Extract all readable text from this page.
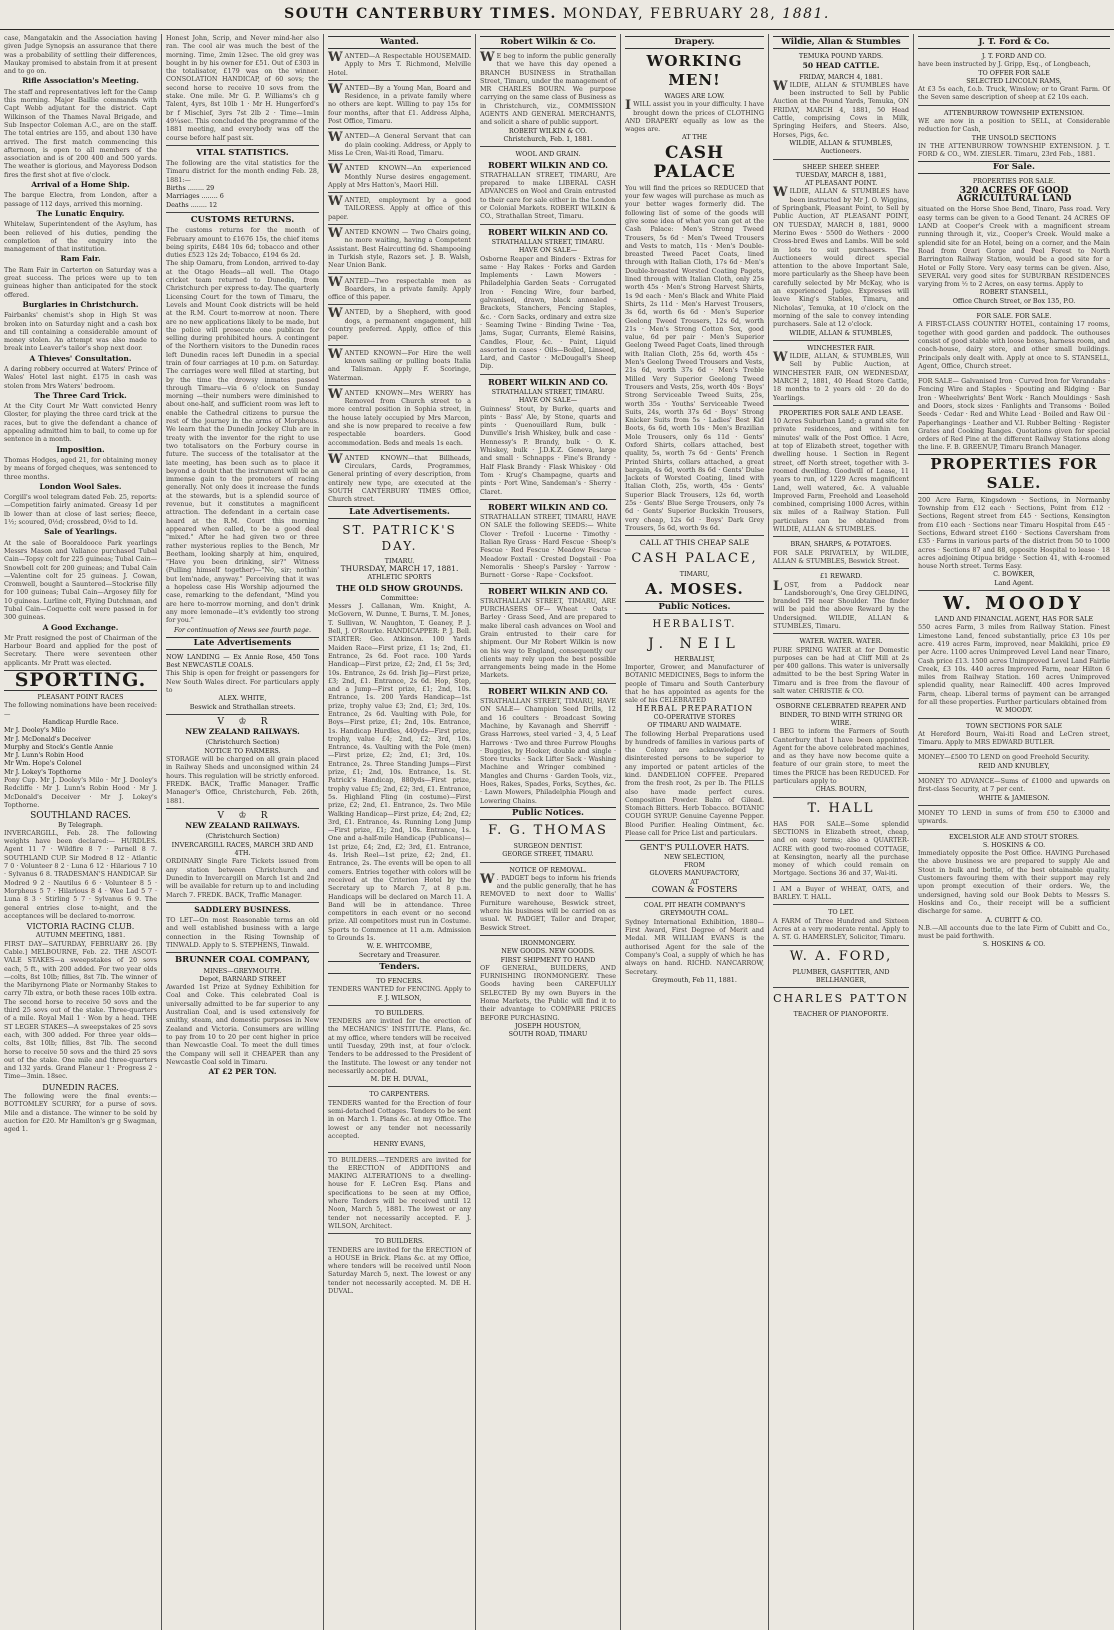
SOUTH CANTERBURY TIMES. MONDAY, FEBRUARY 28, 1881.
case, Mangatakin and the Association having given Judge Synopsis an assurance that there was a probability of settling their differences, Maukay promised to abstain from it at present and to go on.
Rifle Association's Meeting.
The staff and representatives left for the Camp this morning. Major Baillie commands with Capt Webb adjutant for the district. Capt Wilkinson of the Thames Naval Brigade, and Sub Inspector Coleman A.C., are on the staff. The total entries are 155, and about 130 have arrived. The first match commencing this afternoon, is open to all members of the association and is of 200 400 and 500 yards. The weather is glorious, and Mayoress Dodson fires the first shot at five o'clock.
Arrival of a Home Ship.
The barque Electra, from London, after a passage of 112 days, arrived this morning.
The Lunatic Enquiry.
Whitelaw, Superintendent of the Asylum, has been relieved of his duties, pending the completion of the enquiry into the management of that institution.
Ram Fair.
The Ram Fair in Carterton on Saturday was a great success. The prices were up to ten guineas higher than anticipated for the stock offered.
Burglaries in Christchurch.
Fairbanks' chemist's shop in High St was broken into on Saturday night and a cash box and till containing a considerable amount of money stolen. An attempt was also made to break into Leaver's tailor's shop next door.
A Thieves' Consultation.
A daring robbery occurred at Waters' Prince of Wales' Hotel last night. £175 in cash was stolen from Mrs Waters' bedroom.
The Three Card Trick.
At the City Court Mr Watt convicted Henry Gloster, for playing the three card trick at the races, but to give the defendant a chance of appealing admitted him to bail, to come up for sentence in a month.
Imposition.
Thomas Hodges, aged 21, for obtaining money by means of forged cheques, was sentenced to three months.
London Wool Sales.
Corgill's wool telegram dated Feb. 25, reports:—Competition fairly animated. Greasy 1d per lb lower than at close of last series; fleece, 1½; scoured, 0½d; crossbred, 0½d to 1d.
Sale of Yearlings.
At the sale of Booraldooce Park yearlings Messrs Mason and Vallance purchased Tubal Cain—Topsy colt for 225 guineas; Tubal Cain—Snowbell colt for 200 guineas; and Tubal Cain—Valentine colt for 25 guineas. J. Cowan, Cromwell, bought a Sauntered—Stockrise filly for 100 guineas; Tubal Cain—Argosey filly for 10 guineas. Lurline colt, Flying Dutchman, and Tubal Cain—Coquette colt were passed in for 300 guineas.
A Good Exchange.
Mr Pratt resigned the post of Chairman of the Harbour Board and applied for the post of Secretary. There were seventeen other applicants. Mr Pratt was elected.
SPORTING.
PLEASANT POINT RACES
The following nominations have been received:—
Handicap Hurdle Race.
Mr J. Dooley's Milo
Mr J. McDonald's Deceiver
Murphy and Stock's Gentle Annie
Mr J. Lunn's Robin Hood
Mr Wm. Hope's Colonel
Mr J. Lokey's Topthorne
Pony Cup. Mr J. Dooley's Milo · Mr J. Dooley's Redcliffe · Mr J. Lunn's Robin Hood · Mr J. McDonald's Deceiver · Mr J. Lokey's Topthorne.
SOUTHLAND RACES.
By Telegraph.
INVERCARGILL, Feb. 28. The following weights have been declared:— HURDLES. Agent 11 7 · Wildfire 8 7 · Parnell 8 7. SOUTHLAND CUP. Sir Modred 8 12 · Atlantic 7 0 · Volunteer 8 2 · Luna 6 12 · Hilarious 7 10 · Sylvanus 6 8. TRADESMAN'S HANDICAP. Sir Modred 9 2 · Nautilus 6 6 · Volunteer 8 5 · Morpheus 5 7 · Hilarious 8 4 · Wee Lad 5 7 · Luna 8 3 · Stirling 5 7 · Sylvanus 6 9. The general entries close to-night, and the acceptances will be declared to-morrow.
VICTORIA RACING CLUB.
AUTUMN MEETING, 1881.
FIRST DAY—SATURDAY, FEBRUARY 26. [By Cable.] MELBOURNE, Feb. 22. THE ASCOT-VALE STAKES—a sweepstakes of 20 sovs each, 5 ft., with 200 added. For two year olds—colts, 8st 10lb; fillies, 8st 7lb. The winner of the Maribyrnong Plate or Normanby Stakes to carry 7lb extra, or both these races 10lb extra. The second horse to receive 50 sovs and the third 25 sovs out of the stake. Three-quarters of a mile. Royal Mail 1 · Won by a head. THE ST LEGER STAKES—A sweepstakes of 25 sovs each, with 300 added. For three year olds—colts, 8st 10lb; fillies, 8st 7lb. The second horse to receive 50 sovs and the third 25 sovs out of the stake. One mile and three-quarters and 132 yards. Grand Flaneur 1 · Progress 2 · Time—3min. 18sec.
DUNEDIN RACES.
The following were the final events:— BOTTOMLEY SCURRY, for a purse of sovs. Mile and a distance. The winner to be sold by auction for £20. Mr Hamilton's gr g Swagman, aged 1.
Honest John, Scrip, and Never mind-her also ran. The cool air was much the best of the morning. Time, 2min 12sec. The old grey was bought in by his owner for £51. Out of £303 in the totalisator, £179 was on the winner. CONSOLATION HANDICAP, of 60 sovs; the second horse to receive 10 sovs from the stake. One mile. Mr G. P. Williams's ch g Talent, 4yrs, 8st 10lb 1 · Mr H. Hungerford's br f Mischief, 3yrs 7st 2lb 2 · Time—1min 49¼sec. This concluded the programme of the 1881 meeting, and everybody was off the course before half past six.
VITAL STATISTICS.
The following are the vital statistics for the Timaru district for the month ending Feb. 28, 1881:—
Births ........ 29
Marriages ........ 6
Deaths ........ 12
CUSTOMS RETURNS.
The customs returns for the month of February amount to £1676 15s, the chief items being spirits, £484 10s 6d; tobacco and other duties £523 12s 2d; Tobacco, £194 6s 2d.
The ship Oamaru, from London, arrived to-day at the Otago Heads—all well. The Otago cricket team returned to Dunedin, from Christchurch per express to-day. The quarterly Licensing Court for the town of Timaru, the Levels and Mount Cook districts will be held at the R.M. Court to-morrow at noon. There are no new applications likely to be made, but the police will prosecute one publican for selling during prohibited hours. A contingent of the Northern visitors to the Dunedin races left Dunedin races left Dunedin in a special train of four carriages at 10 p.m. on Saturday. The carriages were well filled at starting, but by the time the drowsy inmates passed through Timaru—via 6 o'clock on Sunday morning —their numbers were diminished to about one-half, and sufficient room was left to enable the Cathedral citizens to pursue the rest of the journey in the arms of Morpheus. We learn that the Dunedin Jockey Club are in treaty with the inventor for the right to use two totalisators on the Forbury course in future. The success of the totalisator at the late meeting, has been such as to place it beyond a doubt that the instrument will be an immense gain to the promoters of racing generally. Not only does it increase the funds at the stewards, but is a splendid source of revenue, but it constitutes a magnificent attraction. The defendant in a certain case heard at the R.M. Court this morning appeared when called, to be a good deal "mixed." After he had given two or three rather mysterious replies to the Bench, Mr Beetham, looking sharply at him, enquired, "Have you been drinking, sir?" Witness (Pulling himself together)—"No, sir; nothin' but lem'nade, anyway." Perceiving that it was a hopeless case His Worship adjourned the case, remarking to the defendant, "Mind you are here to-morrow morning, and don't drink any more lemonade—it's evidently too strong for you."
For continuation of News see fourth page.
Late Advertisements
NOW LANDING — Ex Annie Rose, 450 Tons Best NEWCASTLE COALS.
This Ship is open for freight or passengers for New South Wales direct. For particulars apply to
ALEX. WHITE,
Beswick and Strathallan streets.
V     ♔     R
NEW ZEALAND RAILWAYS.
(Christchurch Section)
NOTICE TO FARMERS.
STORAGE will be charged on all grain placed in Railway Sheds and unconsigned within 24 hours. This regulation will be strictly enforced. FREDK. BACK, Traffic Manager. Traffic Manager's Office, Christchurch, Feb. 26th, 1881.
V     ♔     R
NEW ZEALAND RAILWAYS.
(Christchurch Section)
INVERCARGILL RACES, MARCH 3RD AND 4TH.
ORDINARY Single Fare Tickets issued from any station between Christchurch and Dunedin to Invercargill on March 1st and 2nd will be available for return up to and including March 7. FREDK. BACK, Traffic Manager.
SADDLERY BUSINESS.
TO LET—On most Reasonable terms an old and well established business with a large connection in the Rising Township of TINWALD. Apply to S. STEPHENS, Tinwald.
BRUNNER COAL COMPANY,
MINES—GREYMOUTH.
Depot, BARNARD STREET
Awarded 1st Prize at Sydney Exhibition for Coal and Coke. This celebrated Coal is universally admitted to be far superior to any Australian Coal, and is used extensively for smithy, steam, and domestic purposes in New Zealand and Victoria. Consumers are willing to pay from 10 to 20 per cent higher in price than Newcastle Coal. To meet the dull times the Company will sell it CHEAPER than any Newcastle Coal sold in Timaru.
AT £2 PER TON.
Wanted.
WANTED—A Respectable HOUSEMAID. Apply to Mrs T. Richmond, Melville Hotel.
WANTED—By a Young Man, Board and Residence, in a private family where no others are kept. Willing to pay 15s for four months, after that £1. Address Alpha, Post Office, Timaru.
WANTED—A General Servant that can do plain cooking. Address, or Apply to Miss Le Cren, Wai-iti Road, Timaru.
WANTED KNOWN—An experienced Monthly Nurse desires engagement. Apply at Mrs Hatton's, Maori Hill.
WANTED, employment by a good TAILORESS. Apply at office of this paper.
WANTED KNOWN — Two Chairs going, no more waiting, having a Competent Assistant. Best Haircutting 6d. Shampooing in Turkish style, Razors set. J. B. Walsh, Near Union Bank.
WANTED—Two respectable men as Boarders, in a private family. Apply office of this paper.
WANTED, by a Shepherd, with good dogs, a permanent engagement, hill country preferred. Apply, office of this paper.
WANTED KNOWN—For Hire the well known sailing or pulling boats Italia and Talisman. Apply F. Scoringe, Waterman.
WANTED KNOWN—Mrs WERRY has Removed from Church street to a more central position in Sophia street, in the house lately occupied by Mrs Marcon, and she is now prepared to receive a few respectable boarders. Good accommodation. Beds and meals 1s each.
WANTED KNOWN—that Billheads, Circulars, Cards, Programmes, General printing of every description, from entirely new type, are executed at the SOUTH CANTERBURY TIMES Office, Church street.
Late Advertisements.
ST. PATRICK'S DAY.
TIMARU.
THURSDAY, MARCH 17, 1881.
ATHLETIC SPORTS
THE OLD SHOW GROUNDS.
Committee:
Messrs J. Callanan, Wm. Knight, A. McGovern, W. Dunne, T. Burns, T. M. Jones, T. Sullivan, W. Naughton, T. Geaney, P. J. Bell, J. O'Rourke. HANDICAPPER: P. J. Bell. STARTER: Geo. Atkinson. 100 Yards Maiden Race—First prize, £1 1s; 2nd, £1. Entrance, 2s 6d. Foot race. 100 Yards Handicap—First prize, £2; 2nd, £1 5s; 3rd, 10s. Entrance, 2s 6d. Irish Jig—First prize, £3; 2nd, £1. Entrance, 2s 6d. Hop, Step, and a Jump—First prize, £1; 2nd, 10s. Entrance, 1s. 200 Yards Handicap—1st prize, trophy value £3; 2nd, £1; 3rd, 10s. Entrance, 2s 6d. Vaulting with Pole, for Boys—First prize, £1; 2nd, 10s. Entrance, 1s. Handicap Hurdles, 440yds—First prize, trophy, value £4; 2nd, £2; 3rd, 10s. Entrance, 4s. Vaulting with the Pole (men)—First prize, £2; 2nd, £1; 3rd, 10s. Entrance, 2s. Three Standing Jumps—First prize, £1; 2nd, 10s. Entrance, 1s. St. Patrick's Handicap, 880yds—First prize, trophy value £5; 2nd, £2; 3rd, £1. Entrance, 5s. Highland Fling (in costume)—First prize, £2; 2nd, £1. Entrance, 2s. Two Mile Walking Handicap—First prize, £4; 2nd, £2; 3rd, £1. Entrance, 4s. Running Long Jump—First prize, £1; 2nd, 10s. Entrance, 1s. One and a-half-mile Handicap (Publicans)—1st prize, £4; 2nd, £2; 3rd, £1. Entrance, 4s. Irish Reel—1st prize, £2; 2nd, £1. Entrance, 2s. The events will be open to all comers. Entries together with colors will be received at the Criterion Hotel by the Secretary up to March 7, at 8 p.m. Handicaps will be declared on March 11. A Band will be in attendance. Three competitors in each event or no second prize. All competitors must run in Costume. Sports to Commence at 11 a.m. Admission to Grounds 1s.
W. E. WHITCOMBE,
Secretary and Treasurer.
Tenders.
TO FENCERS.
TENDERS WANTED for FENCING. Apply to
F. J. WILSON,
TO BUILDERS.
TENDERS are invited for the erection of the MECHANICS' INSTITUTE. Plans, &c. at my office, where tenders will be received until Tuesday, 29th inst, at four o'clock. Tenders to be addressed to the President of the Institute. The lowest or any tender not necessarily accepted.
M. DE H. DUVAL,
TO CARPENTERS.
TENDERS wanted for the Erection of four semi-detached Cottages. Tenders to be sent in on March 1. Plans &c. at my Office. The lowest or any tender not necessarily accepted.
HENRY EVANS,
TO BUILDERS.—TENDERS are invited for the ERECTION of ADDITIONS and MAKING ALTERATIONS to a dwelling-house for F. LeCren Esq. Plans and specifications to be seen at my Office, where Tenders will be received until 12 Noon, March 5, 1881. The lowest or any tender not necessarily accepted. F. J. WILSON, Architect.
TO BUILDERS.
TENDERS are invited for the ERECTION of a HOUSE in Brick. Plans &c. at my Office, where tenders will be received until Noon Saturday March 5, next. The lowest or any tender not necessarily accepted. M. DE H. DUVAL.
Robert Wilkin & Co.
W E beg to inform the public generally that we have this day opened a BRANCH BUSINESS in Strathallan Street, Timaru, under the management of MR CHARLES BOURN. We purpose carrying on the same class of Business as in Christchurch, viz., COMMISSION AGENTS AND GENERAL MERCHANTS, and solicit a share of public support.
ROBERT WILKIN & CO.
Christchurch, Feb. 1, 1881.
WOOL AND GRAIN.
ROBERT WILKIN AND CO.
STRATHALLAN STREET, TIMARU, Are prepared to make LIBERAL CASH ADVANCES on Wool and Grain entrusted to their care for sale either in the London or Colonial Markets. ROBERT WILKIN & CO., Strathallan Street, Timaru.
ROBERT WILKIN AND CO.
STRATHALLAN STREET, TIMARU.
HAVE ON SALE—
Osborne Reaper and Binders · Extras for same · Hay Rakes · Forks and Garden Implements · Lawn Mowers · Philadelphia Garden Seats · Corrugated Iron · Fencing Wire, four barbed, galvanised, drawn, black annealed · Brackets, Stanchers, Fencing Staples, &c. · Corn Sacks, ordinary and extra size · Seaming Twine · Binding Twine · Tea, Jams, Sugar, Currants, Elemé Raisins, Candles, Flour, &c. · Paint, Liquid assorted in cases · Oils—Boiled, Linseed, Lard, and Castor · McDougall's Sheep Dip.
ROBERT WILKIN AND CO.
STRATHALLAN STREET, TIMARU.
HAVE ON SALE—
Guinness' Stout, by Burke, quarts and pints · Bass' Ale, by Stone, quarts and pints · Quenouillard Rum, bulk · Dunville's Irish Whiskey, bulk and case · Hennessy's P. Brandy, bulk · O. K. Whiskey, bulk · J.D.K.Z. Geneva, large and small · Schnapps · Fine's Brandy · Half Flask Brandy · Flask Whiskey · Old Tom · Krug's Champagne, quarts and pints · Port Wine, Sandeman's · Sherry · Claret.
ROBERT WILKIN AND CO.
STRATHALLAN STREET, TIMARU, HAVE ON SALE the following SEEDS:— White Clover · Trefoil · Lucerne · Timothy · Italian Rye Grass · Hard Fescue · Sheep's Fescue · Red Fescue · Meadow Fescue · Meadow Foxtail · Crested Dogstail · Poa Nemoralis · Sheep's Parsley · Yarrow · Burnett · Gorse · Rape · Cocksfoot.
ROBERT WILKIN AND CO.
STRATHALLAN STREET, TIMARU, ARE PURCHASERS OF— Wheat · Oats · Barley · Grass Seed, And are prepared to make liberal cash advances on Wool and Grain entrusted to their care for shipment. Our Mr Robert Wilkin is now on his way to England, consequently our clients may rely upon the best possible arrangements being made in the Home Markets.
ROBERT WILKIN AND CO.
STRATHALLAN STREET, TIMARU, HAVE ON SALE— Champion Seed Drills, 12 and 16 coulters · Broadcast Sowing Machine, by Kavanagh and Sherriff · Grass Harrows, steel varied · 3, 4, 5 Leaf Harrows · Two and three Furrow Ploughs · Buggies, by Hooker, double and single · Store trucks · Sack Lifter Sack · Washing Machine and Wringer combined · Mangles and Churns · Garden Tools, viz., Hoes, Rakes, Spades, Forks, Scythes, &c. · Lawn Mowers, Philadelphia Plough and Lowering Chains.
Public Notices.
F. G. THOMAS
SURGEON DENTIST.
GEORGE STREET, TIMARU.
NOTICE OF REMOVAL.
W . PADGET begs to inform his friends and the public generally, that he has REMOVED to next door to Wallis' Furniture warehouse, Beswick street, where his business will be carried on as usual. W. PADGET, Tailor and Draper, Beswick Street.
IRONMONGERY.
NEW GOODS. NEW GOODS.
FIRST SHIPMENT TO HAND
OF GENERAL, BUILDERS, AND FURNISHING IRONMONGERY. These Goods having been CAREFULLY SELECTED By my own Buyers in the Home Markets, the Public will find it to their advantage to COMPARE PRICES BEFORE PURCHASING.
JOSEPH HOUSTON,
SOUTH ROAD, TIMARU
Drapery.
WORKING MEN!
WAGES ARE LOW.
I WILL assist you in your difficulty. I have brought down the prices of CLOTHING AND DRAPERY equally as low as the wages are.
AT THE
CASH PALACE
You will find the prices so REDUCED that your few wages will purchase as much as your better wages formerly did. The following list of some of the goods will give some idea of what you can get at the Cash Palace: Men's Strong Tweed Trousers, 5s 6d · Men's Tweed Trousers and Vests to match, 11s · Men's Double-breasted Tweed Pacet Coats, lined through with Italian Cloth, 17s 6d · Men's Double-breasted Worsted Coating Pagets, lined through with Italian Cloth, only 25s worth 45s · Men's Strong Harvest Shirts, 1s 9d each · Men's Black and White Plaid Shirts, 2s 11d · Men's Harvest Trousers, 3s 6d, worth 6s 6d · Men's Superior Geelong Tweed Trousers, 12s 6d, worth 21s · Men's Strong Cotton Sox, good value, 6d per pair · Men's Superior Geelong Tweed Paget Coats, lined through with Italian Cloth, 25s 6d, worth 45s · Men's Geelong Tweed Trousers and Vests, 21s 6d, worth 37s 6d · Men's Treble Milled Very Superior Geelong Tweed Trousers and Vests, 25s, worth 40s · Boys' Strong Serviceable Tweed Suits, 25s, worth 35s · Youths' Serviceable Tweed Suits, 24s, worth 37s 6d · Boys' Strong Knicker Suits from 5s · Ladies' Best Kid Boots, 6s 6d, worth 10s · Men's Brazilian Mole Trousers, only 6s 11d · Gents' Oxford Shirts, collars attached, best quality, 5s, worth 7s 6d · Gents' French Printed Shirts, collars attached, a great bargain, 4s 6d, worth 8s 6d · Gents' Dulse Jackets of Worsted Coating, lined with Italian Cloth, 25s, worth, 45s · Gents' Superior Black Trousers, 12s 6d, worth 25s · Gents' Blue Serge Trousers, only 7s 6d · Gents' Superior Buckskin Trousers, very cheap, 12s 6d · Boys' Dark Grey Trousers, 5s 6d, worth 9s 6d.
CALL AT THIS CHEAP SALE
CASH PALACE,
TIMARU,
A. MOSES.
Public Notices.
HERBALIST.
J. NEIL
HERBALIST,
Importer, Grower, and Manufacturer of BOTANIC MEDICINES, Begs to inform the people of Timaru and South Canterbury that he has appointed as agents for the sale of his CELEBRATED
HERBAL PREPARATION
CO-OPERATIVE STORES
OF TIMARU AND WAIMATE.
The following Herbal Preparations used by hundreds of families in various parts of the Colony are acknowledged by disinterested persons to be superior to any imported or patent articles of the kind. DANDELION COFFEE. Prepared from the fresh root, 2s per lb. The PILLS also have made perfect cures. Composition Powder. Balm of Gilead. Stomach Bitters. Herb Tobacco. BOTANIC COUGH SYRUP. Genuine Cayenne Pepper. Blood Purifier. Healing Ointment, &c. Please call for Price List and particulars.
GENT'S PULLOVER HATS.
NEW SELECTION,
FROM
GLOVERS MANUFACTORY,
AT
COWAN & FOSTERS
COAL PIT HEATH COMPANY'S GREYMOUTH COAL.
Sydney International Exhibition, 1880—First Award, First Degree of Merit and Medal. MR WILLIAM EVANS is the authorised Agent for the sale of the Company's Coal, a supply of which he has always on hand. RICHD. NANCARROW, Secretary.
Greymouth, Feb 11, 1881.
Wildie, Allan & Stumbles
TEMUKA POUND YARDS.
50 HEAD CATTLE.
FRIDAY, MARCH 4, 1881.
WILDIE, ALLAN & STUMBLES have been instructed to Sell by Public Auction at the Pound Yards, Temuka, ON FRIDAY, MARCH 4, 1881, 50 Head Cattle, comprising Cows in Milk, Springing Heifers, and Steers. Also, Horses, Pigs, &c.
WILDIE, ALLAN & STUMBLES,
Auctioneers.
SHEEP. SHEEP. SHEEP.
TUESDAY, MARCH 8, 1881,
AT PLEASANT POINT.
WILDIE, ALLAN & STUMBLES have been instructed by Mr J. O. Wiggins, of Springbank, Pleasant Point, to Sell by Public Auction, AT PLEASANT POINT, ON TUESDAY, MARCH 8, 1881, 9000 Merino Ewes · 5500 do Wethers · 2000 Cross-bred Ewes and Lambs. Will be sold in lots to suit purchasers. The Auctioneers would direct special attention to the above Important Sale, more particularly as the Sheep have been carefully selected by Mr McKay, who is an experienced Judge. Expresses will leave King's Stables, Timaru, and Nicholas', Temuka, at 10 o'clock on the morning of the sale to convey intending purchasers. Sale at 12 o'clock.
WILDIE, ALLAN & STUMBLES,
WINCHESTER FAIR.
WILDIE, ALLAN, & STUMBLES, Will Sell by Public Auction, at WINCHESTER FAIR, ON WEDNESDAY, MARCH 2, 1881, 40 Head Store Cattle, 18 months to 2 years old · 20 do do Yearlings.
PROPERTIES FOR SALE AND LEASE.
10 Acres Suburban Land; a grand site for private residences, and within ten minutes' walk of the Post Office. 1 Acre, at top of Elizabeth street, together with dwelling house. 1 Section in Regent street, off North street, together with 3-roomed dwelling. Goodwill of Lease, 11 years to run, of 1229 Acres magnificent Land, well watered, &c. A valuable Improved Farm, Freehold and Leasehold combined, comprising 1000 Acres, within six miles of a Railway Station. Full particulars can be obtained from WILDIE, ALLAN & STUMBLES.
BRAN, SHARPS, & POTATOES.
FOR SALE PRIVATELY, by WILDIE, ALLAN & STUMBLES, Beswick Street.
£1 REWARD.
LOST, from a Paddock near Landsborough's, One Grey GELDING, branded TH near Shoulder. The finder will be paid the above Reward by the Undersigned. WILDIE, ALLAN & STUMBLES, Timaru.
WATER. WATER. WATER.
PURE SPRING WATER at for Domestic purposes can be had at Cliff Mill at 2s per 400 gallons. This water is universally admitted to be the best Spring Water in Timaru and is free from the flavour of salt water. CHRISTIE & CO.
OSBORNE CELEBRATED REAPER AND BINDER, TO BIND WITH STRING OR WIRE.
I BEG to inform the Farmers of South Canterbury that I have been appointed Agent for the above celebrated machines, and as they have now become quite a feature of our grain store, to meet the times the PRICE has been REDUCED. For particulars apply to
CHAS. BOURN,
T. HALL
HAS FOR SALE—Some splendid SECTIONS in Elizabeth street, cheap, and on easy terms; also a QUARTER-ACRE with good two-roomed COTTAGE, at Kensington, nearly all the purchase money of which could remain on Mortgage. Sections 36 and 37, Wai-iti.
I AM a Buyer of WHEAT, OATS, and BARLEY. T. HALL.
TO LET.
A FARM of Three Hundred and Sixteen Acres at a very moderate rental. Apply to A. ST. G. HAMERSLEY, Solicitor, Timaru.
W. A. FORD,
PLUMBER, GASFITTER, AND BELLHANGER,
CHARLES PATTON
TEACHER OF PIANOFORTE.
J. T. Ford & Co.
J. T. FORD AND CO.
have been instructed by J. Gripp, Esq., of Longbeach,
TO OFFER FOR SALE
SELECTED LINCOLN RAMS,
At £3 5s each, f.o.b. Truck, Winslow; or to Grant Farm. Of the Seven same description of sheep at £2 10s each.
ATTENBURROW TOWNSHIP EXTENSION.
WE are now in a position to SELL, at Considerable reduction for Cash,
THE UNSOLD SECTIONS
IN THE ATTENBURROW TOWNSHIP EXTENSION. J. T. FORD & CO., WM. ZIESLER. Timaru, 23rd Feb., 1881.
For Sale.
PROPERTIES FOR SALE.
320 ACRES OF GOOD AGRICULTURAL LAND
situated on the Horse Shoe Bend, Tinaro, Pass road. Very easy terms can be given to a Good Tenant. 24 ACRES OF LAND at Cooper's Creek with a magnificent stream running through it, viz., Cooper's Creek. Would make a splendid site for an Hotel, being on a corner, and the Main Road from Orari Gorge and Peel Forest to North Barrington Railway Station, would be a good site for a Hotel or Folly Store. Very easy terms can be given. Also, SEVERAL very good sites for SUBURBAN RESIDENCES varying from ½ to 2 Acres, on easy terms. Apply to
ROBERT STANSELL,
Office Church Street, or Box 135, P.O.
FOR SALE. FOR SALE.
A FIRST-CLASS COUNTRY HOTEL, containing 17 rooms, together with good garden and paddock. The outhouses consist of good stable with loose boxes, harness room, and coach-house, dairy store, and other small buildings. Principals only dealt with. Apply at once to S. STANSELL, Agent, Office, Church street.
FOR SALE— Galvanised Iron · Curved Iron for Verandahs · Fencing Wire and Staples · Spouting and Ridging · Bar Iron · Wheelwrights' Bent Work · Ranch Mouldings · Sash and Doors, stock sizes · Fanlights and Transoms · Boiled Seeds · Cedar · Red and White Lead · Boiled and Raw Oil · Paperhangings · Leather and V.I. Rubber Belting · Register Grates and Cooking Ranges. Quotations given for special orders of Red Pine at the different Railway Stations along the line. F. B. GREENUP, Timaru Branch Manager.
PROPERTIES FOR SALE.
200 Acre Farm, Kingsdown · Sections, in Normanby Township from £12 each · Sections, Point from £12 · Sections, Regent street from £45 · Sections, Kensington from £10 each · Sections near Timaru Hospital from £45 · Sections, Edward street £160 · Sections Caversham from £35 · Farms in various parts of the district from 50 to 1000 acres · Sections 87 and 88, opposite Hospital to lease · 18 acres adjoining Otipua bridge · Section 41, with 4-roomed house North street. Terms Easy.
C. BOWKER,
Land Agent.
W. MOODY
LAND AND FINANCIAL AGENT, HAS FOR SALE
550 acres Farm, 3 miles from Railway Station. Finest Limestone Land, fenced substantially, price £3 10s per acre. 419 acres Farm, improved, near Makikihi, price £9 per Acre. 1100 acres Unimproved Level Land near Tinaro, Cash price £13. 1500 acres Unimproved Level Land Fairlie Creek, £3 10s. 440 acres Improved Farm, near Hilton 6 miles from Railway Station. 160 acres Unimproved splendid quality, near Rainecliff. 400 acres Improved Farm, cheap. Liberal terms of payment can be arranged for all these properties. Further particulars obtained from
W. MOODY.
TOWN SECTIONS FOR SALE
At Hereford Bourn, Wai-iti Road and LeCren street, Timaru. Apply to MRS EDWARD BUTLER.
MONEY—£500 TO LEND on good Freehold Security.
REID AND KNUBLEY,
MONEY TO ADVANCE—Sums of £1000 and upwards on first-class Security, at 7 per cent.
WHITE & JAMIESON.
MONEY TO LEND in sums of from £50 to £3000 and upwards.
EXCELSIOR ALE AND STOUT STORES.
S. HOSKINS & CO.
Immediately opposite the Post Office. HAVING Purchased the above business we are prepared to supply Ale and Stout in bulk and bottle, of the best obtainable quality. Customers favouring them with their support may rely upon prompt execution of their orders. We, the undersigned, having sold our Book Debts to Messrs S. Hoskins and Co., their receipt will be a sufficient discharge for same.
A. CUBITT & CO.
N.B.—All accounts due to the late Firm of Cubitt and Co., must be paid forthwith.
S. HOSKINS & CO.
